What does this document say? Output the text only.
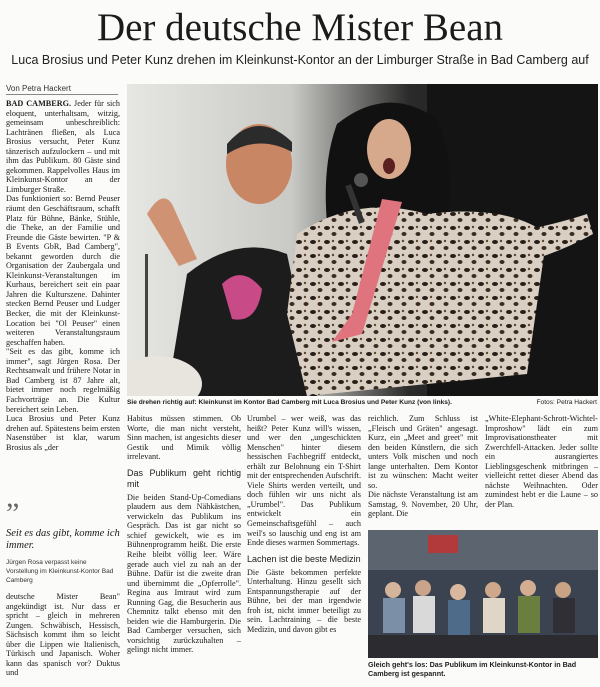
Der deutsche Mister Bean
Luca Brosius und Peter Kunz drehen im Kleinkunst-Kontor an der Limburger Straße in Bad Camberg auf
Von Petra Hackert

BAD CAMBERG. Jeder für sich eloquent, unterhaltsam, witzig, gemeinsam unbeschreiblich: Lachtränen fließen, als Luca Brosius versucht, Peter Kunz tänzerisch aufzulockern – und mit ihm das Publikum. 80 Gäste sind gekommen. Rappelvolles Haus im Kleinkunst-Kontor an der Limburger Straße.

Das funktioniert so: Bernd Peuser räumt den Geschäftsraum, schafft Platz für Bühne, Bänke, Stühle, die Theke, an der Familie und Freunde die Gäste bewirten. "P & B Events GbR, Bad Camberg", bekannt geworden durch die Organisation der Zaubergala und Kleinkunst-Veranstaltungen im Kurhaus, bereichert seit ein paar Jahren die Kulturszene. Dahinter stecken Bernd Peuser und Ludger Becker, die mit der Kleinkunst-Location bei "Ol Peuser" einen weiteren Veranstaltungsraum geschaffen haben.

"Seit es das gibt, komme ich immer", sagt Jürgen Rosa. Der Rechtsanwalt und frühere Notar in Bad Camberg ist 87 Jahre alt, bietet immer noch regelmäßig Fachvorträge an. Die Kultur bereichert sein Leben.

Luca Brosius und Peter Kunz drehen auf. Spätestens beim ersten Nasenstüber ist klar, warum Brosius als „der

”
Seit es das gibt, komme ich immer.
Jürgen Rosa verpasst keine Vorstellung im Kleinkunst-Kontor Bad Camberg

deutsche Mister Bean" angekündigt ist. Nur dass er spricht – gleich in mehreren Zungen. Schwäbisch, Hessisch, Sächsisch kommt ihm so leicht über die Lippen wie Italienisch, Türkisch und Japanisch. Woher kann das spanisch vor? Duktus und

Sie drehen richtig auf: Kleinkunst im Kontor Bad Camberg mit Luca Brosius und Peter Kunz (von links).	Fotos: Petra Hackert

Habitus müssen stimmen. Ob Worte, die man nicht versteht, Sinn machen, ist angesichts dieser Gestik und Mimik völlig irrelevant.

Das Publikum geht richtig mit

Die beiden Stand-Up-Comedians plaudern aus dem Nähkästchen, verwickeln das Publikum ins Gespräch. Das ist gar nicht so schief gewickelt, wie es im Bühnenprogramm heißt. Die erste Reihe bleibt völlig leer. Wäre gerade auch viel zu nah an der Bühne. Dafür ist die zweite dran und übernimmt die „Opferrolle". Regina aus Imtraut wird zum Running Gag, die Besucherin aus Chemnitz talkt ebenso mit den beiden wie die Hamburgerin. Die Bad Camberger versuchen, sich vorsichtig zurückzuhalten – gelingt nicht immer.

Urumbel – wer weiß, was das heißt? Peter Kunz will's wissen, und wer den „ungeschickten Menschen" hinter diesem hessischen Fachbegriff entdeckt, erhält zur Belohnung ein T-Shirt mit der entsprechenden Aufschrift. Viele Shirts werden verteilt, und doch fühlen wir uns nicht als „Urumbel". Das Publikum entwickelt ein Gemeinschaftsgefühl – auch weil's so lauschig und eng ist am Ende dieses warmen Sommertags.

Lachen ist die beste Medizin

Die Gäste bekommen perfekte Unterhaltung. Hinzu gesellt sich Entspannungstherapie auf der Bühne, bei der man irgendwie froh ist, nicht immer beteiligt zu sein. Lachtraining – die beste Medizin, und davon gibt es

reichlich. Zum Schluss ist „Fleisch und Gräten" angesagt. Kurz, ein „Meet and greet" mit den beiden Künstlern, die sich unters Volk mischen und noch lange unterhalten. Dem Kontor ist zu wünschen: Macht weiter so.

Die nächste Veranstaltung ist am Samstag, 9. November, 20 Uhr, geplant. Die

„White-Elephant-Schrott-Wichtel-Improshow" lädt ein zum Improvisationstheater mit Zwerchfell-Attacken. Jeder sollte ein ausrangiertes Lieblingsgeschenk mitbringen – vielleicht rettet dieser Abend das nächste Weihnachten. Oder zumindest hebt er die Laune – so der Plan.

Gleich geht's los: Das Publikum im Kleinkunst-Kontor in Bad Camberg ist gespannt.
